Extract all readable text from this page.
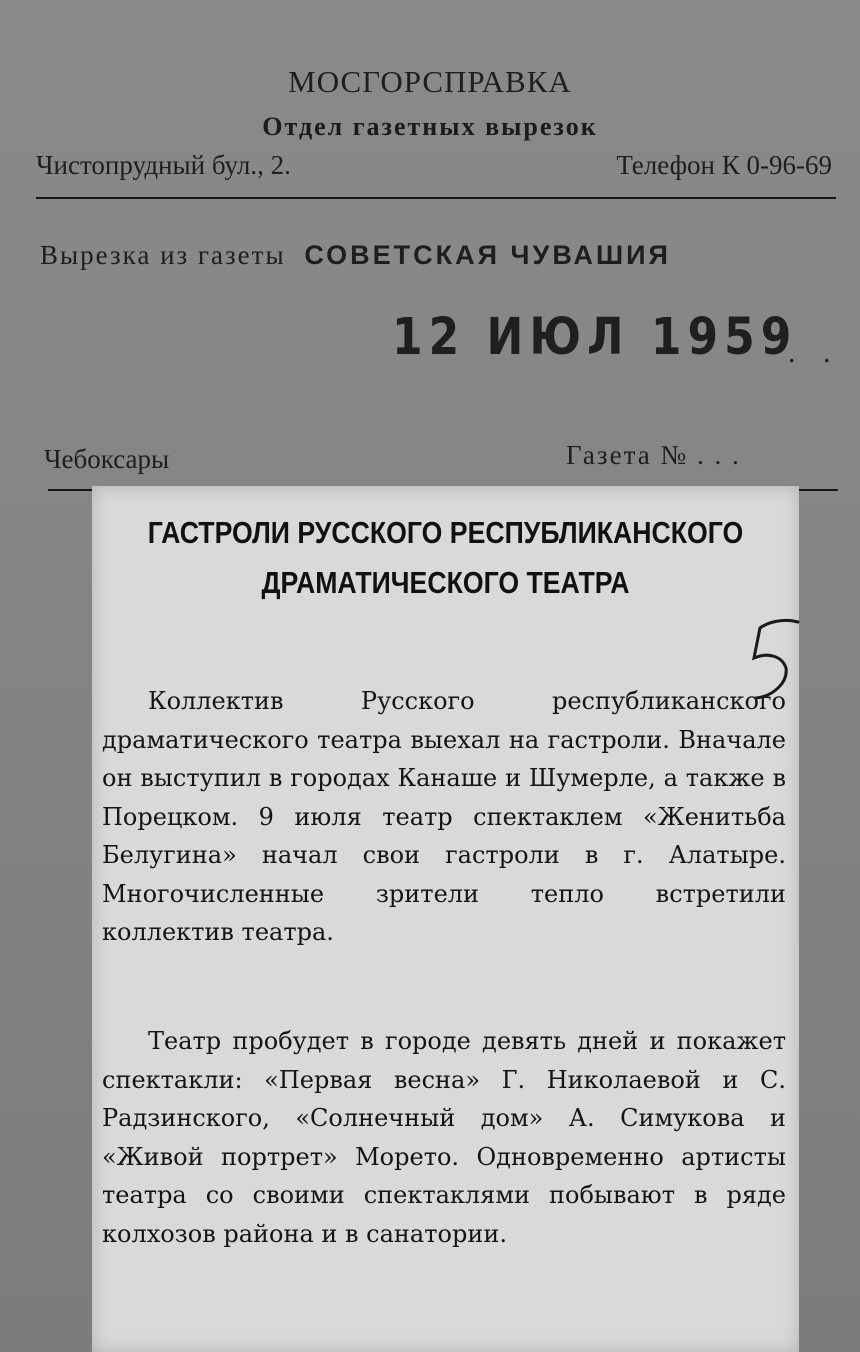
МОСГОРСПРАВКА
Отдел газетных вырезок
Чистопрудный бул., 2.	Телефон К 0-96-69
Вырезка из газеты СОВЕТСКАЯ ЧУВАШИЯ
12 ИЮЛ 1959
. .
Чебоксары	Газета № . . .
ГАСТРОЛИ РУССКОГО РЕСПУБЛИКАНСКОГО ДРАМАТИЧЕСКОГО ТЕАТРА
Коллектив Русского республиканского драматического театра выехал на гастроли. Вначале он выступил в городах Канаше и Шумерле, а также в Порецком. 9 июля театр спектаклем «Женитьба Белугина» начал свои гастроли в г. Алатыре. Многочисленные зрители тепло встретили коллектив театра.
Театр пробудет в городе девять дней и покажет спектакли: «Первая весна» Г. Николаевой и С. Радзинского, «Солнечный дом» А. Симукова и «Живой портрет» Морето. Одновременно артисты театра со своими спектаклями побывают в ряде колхозов района и в санатории.
